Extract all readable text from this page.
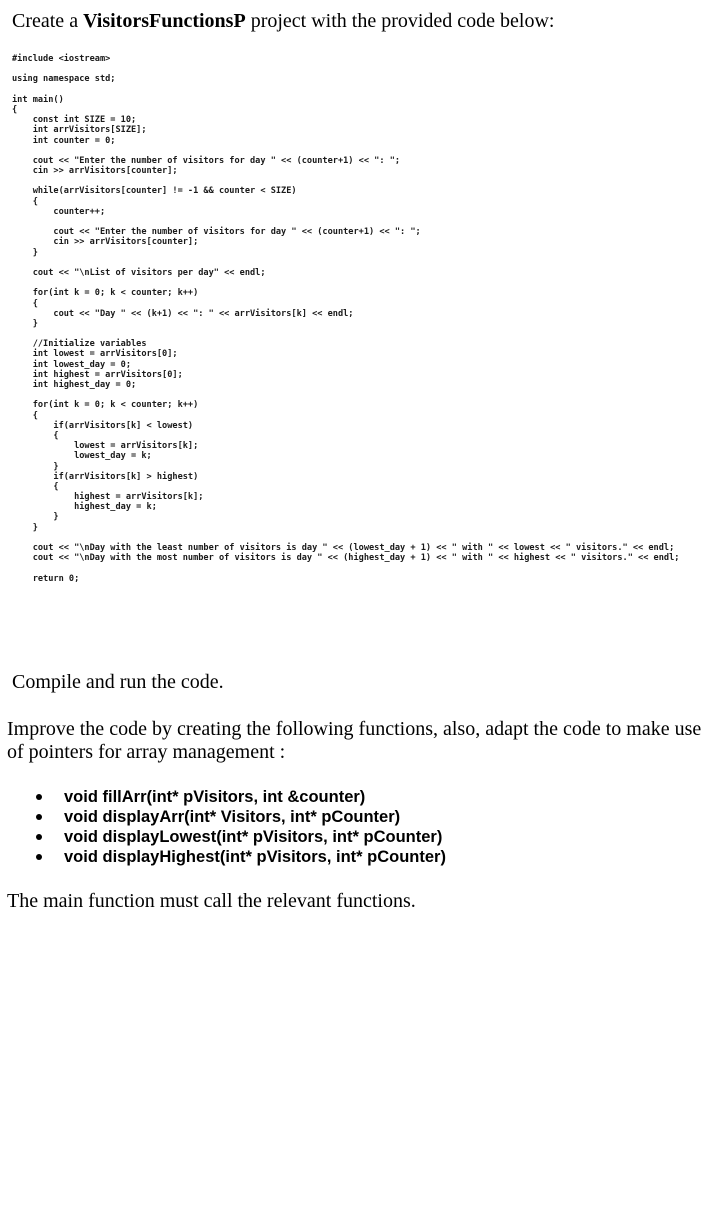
Create a VisitorsFunctionsP project with the provided code below:
#include <iostream>
using namespace std;
int main()
{
const int SIZE = 10;
int arrVisitors[SIZE];
int counter = 0;
cout << "Enter the number of visitors for day " << (counter+1) << ": ";
cin >> arrVisitors[counter];
while(arrVisitors[counter] != -1 && counter < SIZE)
{
counter++;
cout << "Enter the number of visitors for day " << (counter+1) << ": ";
cin >> arrVisitors[counter];
}
cout << "\nList of visitors per day" << endl;
for(int k = 0; k < counter; k++)
{
cout << "Day " << (k+1) << ": " << arrVisitors[k] << endl;
}
//Initialize variables
int lowest = arrVisitors[0];
int lowest_day = 0;
int highest = arrVisitors[0];
int highest_day = 0;
for(int k = 0; k < counter; k++)
{
if(arrVisitors[k] < lowest)
{
lowest = arrVisitors[k];
lowest_day = k;
}
if(arrVisitors[k] > highest)
{
highest = arrVisitors[k];
highest_day = k;
}
}
cout << "\nDay with the least number of visitors is day " << (lowest_day + 1) << " with " << lowest << " visitors." << endl;
cout << "\nDay with the most number of visitors is day " << (highest_day + 1) << " with " << highest << " visitors." << endl;
return 0;
Compile and run the code.
Improve the code by creating the following functions, also, adapt the code to make use of pointers for array management :
void fillArr(int* pVisitors, int &counter)
void displayArr(int* Visitors, int* pCounter)
void displayLowest(int* pVisitors, int* pCounter)
void displayHighest(int* pVisitors, int* pCounter)
The main function must call the relevant functions.
